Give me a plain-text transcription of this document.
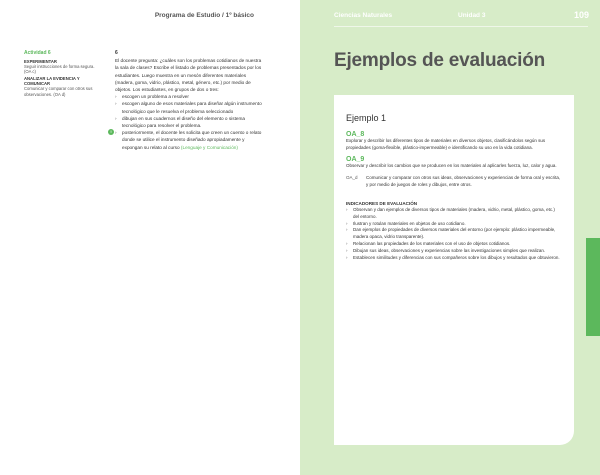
Programa de Estudio / 1º básico
Actividad 6
EXPERIMENTAR
Seguir instrucciones de forma segura. (OA c)
ANALIZAR LA EVIDENCIA Y COMUNICAR
Comunicar y comparar con otros sus observaciones. (OA d)
6

El docente pregunta: ¿cuáles son los problemas cotidianos de nuestra la sala de clases? Escribe el listado de problemas presentados por los estudiantes. Luego muestra en un mesón diferentes materiales (madera, goma, vidrio, plástico, metal, género, etc.) por medio de objetos. Los estudiantes, en grupos de dos o tres:

› escogen un problema a resolver
› escogen alguno de esos materiales para diseñar algún instrumento tecnológico que le resuelva el problema seleccionado
› dibujan en sus cuadernos el diseño del elemento o sistema tecnológico para resolver el problema.
! › posteriormente, el docente les solicita que creen un cuento o relato donde se utilice el instrumento diseñado apropiadamente y expongan su relato al curso (Lenguaje y Comunicación)
Ciencias Naturales	Unidad 3	109
Ejemplos de evaluación
Ejemplo 1
OA_8

Explorar y describir los diferentes tipos de materiales en diversos objetos, clasificándolos según sus propiedades (goma-flexible, plástico-impermeable) e identificando su uso en la vida cotidiana.

OA_9

Observar y describir los cambios que se producen en los materiales al aplicarles fuerza, luz, calor y agua.

OA_d Comunicar y comparar con otros sus ideas, observaciones y experiencias de forma oral y escrita, y por medio de juegos de roles y dibujos, entre otros.
INDICADORES DE EVALUACIÓN
› Observan y dan ejemplos de diversos tipos de materiales (madera, vidrio, metal, plástico, goma, etc.) del entorno.
› Ilustran y rotulan materiales en objetos de uso cotidiano.
› Dan ejemplos de propiedades de diversos materiales del entorno (por ejemplo: plástico impermeable, madera opaca, vidrio transparente).
› Relacionan las propiedades de los materiales con el uso de objetos cotidianos.
› Dibujan sus ideas, observaciones y experiencias sobre las investigaciones simples que realizan.
› Establecen similitudes y diferencias con sus compañeros sobre los dibujos y resultados que obtuvieron.
